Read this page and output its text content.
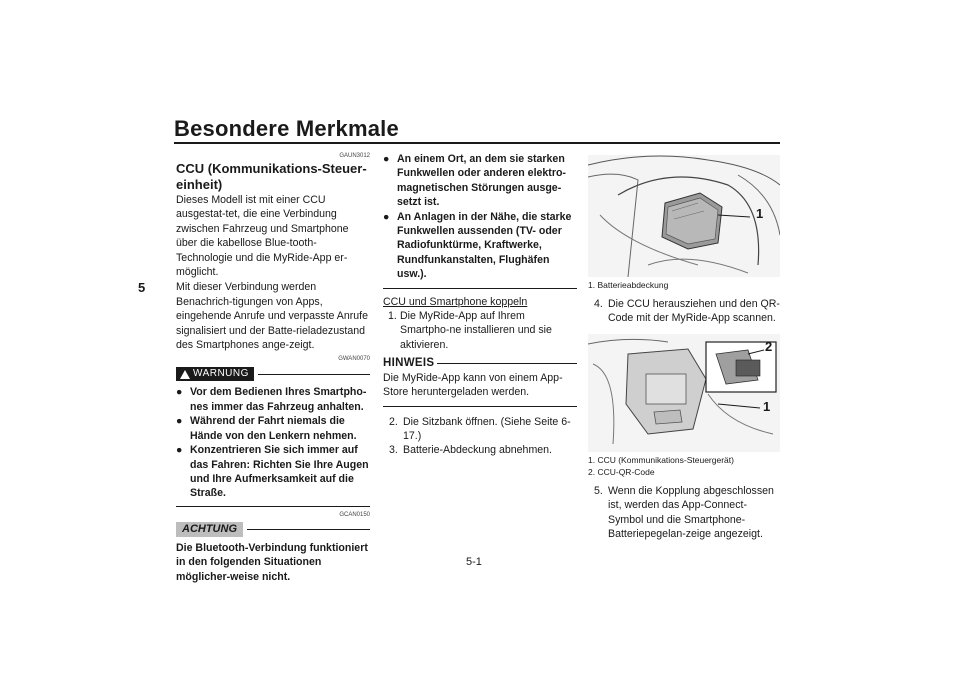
Besondere Merkmale
5
5-1
GAUN3012
CCU (Kommunikations-Steuer-einheit)
Dieses Modell ist mit einer CCU ausgestat-tet, die eine Verbindung zwischen Fahrzeug und Smartphone über die kabellose Blue-tooth-Technologie und die MyRide-App er-möglicht.
Mit dieser Verbindung werden Benachrich-tigungen von Apps, eingehende Anrufe und verpasste Anrufe signalisiert und der Batte-rieladezustand des Smartphones ange-zeigt.
GWAN0070
WARNUNG
● Vor dem Bedienen Ihres Smartpho-nes immer das Fahrzeug anhalten.
● Während der Fahrt niemals die Hände von den Lenkern nehmen.
● Konzentrieren Sie sich immer auf das Fahren: Richten Sie Ihre Augen und Ihre Aufmerksamkeit auf die Straße.
GCAN0150
ACHTUNG
Die Bluetooth-Verbindung funktioniert in den folgenden Situationen möglicher-weise nicht.
● An einem Ort, an dem sie starken Funkwellen oder anderen elektro-magnetischen Störungen ausge-setzt ist.
● An Anlagen in der Nähe, die starke Funkwellen aussenden (TV- oder Radiofunktürme, Kraftwerke, Rundfunkanstalten, Flughäfen usw.).
CCU und Smartphone koppeln
1. Die MyRide-App auf Ihrem Smartpho-ne installieren und sie aktivieren.
HINWEIS
Die MyRide-App kann von einem App-Store heruntergeladen werden.
2. Die Sitzbank öffnen. (Siehe Seite 6-17.)
3. Batterie-Abdeckung abnehmen.
1
1. Batterieabdeckung
4. Die CCU herausziehen und den QR-Code mit der MyRide-App scannen.
2
1
1. CCU (Kommunikations-Steuergerät)
2. CCU-QR-Code
5. Wenn die Kopplung abgeschlossen ist, werden das App-Connect-Symbol und die Smartphone-Batteriepegelan-zeige angezeigt.
